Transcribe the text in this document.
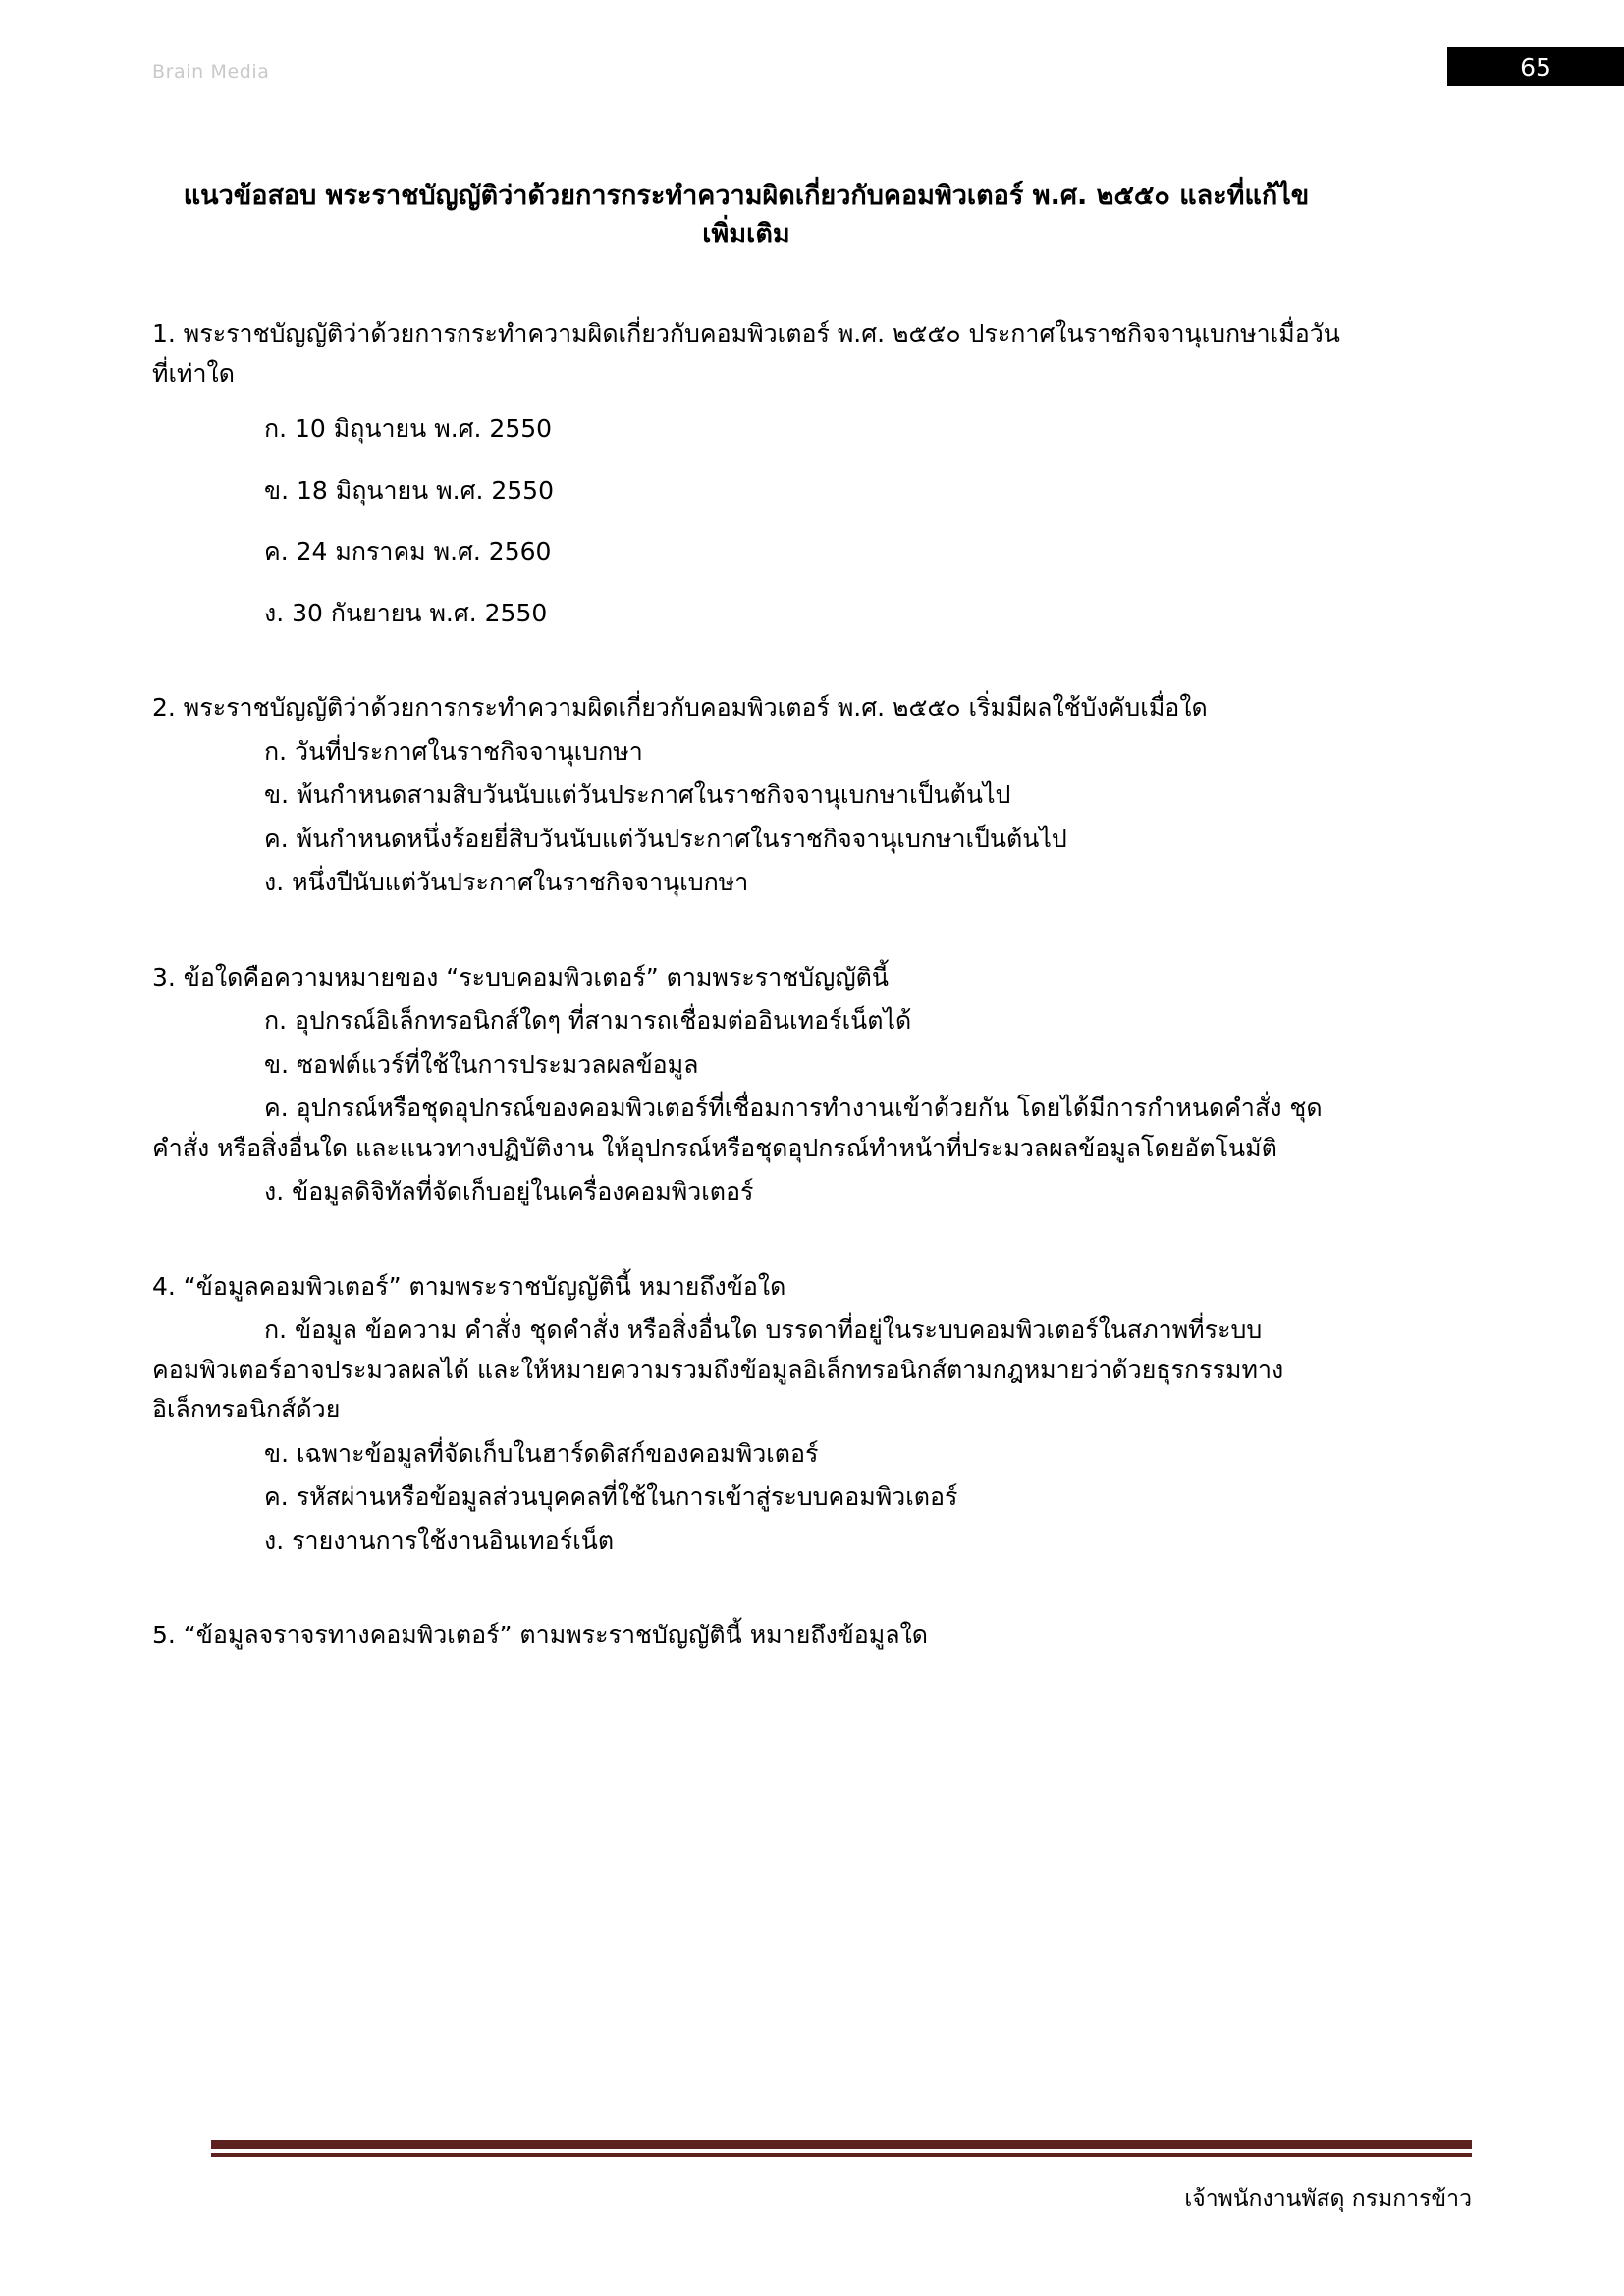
Brain Media	65
แนวข้อสอบ พระราชบัญญัติว่าด้วยการกระทำความผิดเกี่ยวกับคอมพิวเตอร์ พ.ศ. ๒๕๕๐ และที่แก้ไข
เพิ่มเติม

1. พระราชบัญญัติว่าด้วยการกระทำความผิดเกี่ยวกับคอมพิวเตอร์ พ.ศ. ๒๕๕๐ ประกาศในราชกิจจานุเบกษาเมื่อวันที่เท่าใด

ก. 10 มิถุนายน พ.ศ. 2550
ข. 18 มิถุนายน พ.ศ. 2550
ค. 24 มกราคม พ.ศ. 2560
ง. 30 กันยายน พ.ศ. 2550

2. พระราชบัญญัติว่าด้วยการกระทำความผิดเกี่ยวกับคอมพิวเตอร์ พ.ศ. ๒๕๕๐ เริ่มมีผลใช้บังคับเมื่อใด

ก. วันที่ประกาศในราชกิจจานุเบกษา
ข. พ้นกำหนดสามสิบวันนับแต่วันประกาศในราชกิจจานุเบกษาเป็นต้นไป
ค. พ้นกำหนดหนึ่งร้อยยี่สิบวันนับแต่วันประกาศในราชกิจจานุเบกษาเป็นต้นไป
ง. หนึ่งปีนับแต่วันประกาศในราชกิจจานุเบกษา

3. ข้อใดคือความหมายของ “ระบบคอมพิวเตอร์” ตามพระราชบัญญัตินี้

ก. อุปกรณ์อิเล็กทรอนิกส์ใดๆ ที่สามารถเชื่อมต่ออินเทอร์เน็ตได้
ข. ซอฟต์แวร์ที่ใช้ในการประมวลผลข้อมูล
ค. อุปกรณ์หรือชุดอุปกรณ์ของคอมพิวเตอร์ที่เชื่อมการทำงานเข้าด้วยกัน โดยได้มีการกำหนดคำสั่ง ชุดคำสั่ง หรือสิ่งอื่นใด และแนวทางปฏิบัติงาน ให้อุปกรณ์หรือชุดอุปกรณ์ทำหน้าที่ประมวลผลข้อมูลโดยอัตโนมัติ
ง. ข้อมูลดิจิทัลที่จัดเก็บอยู่ในเครื่องคอมพิวเตอร์

4. “ข้อมูลคอมพิวเตอร์” ตามพระราชบัญญัตินี้ หมายถึงข้อใด

ก. ข้อมูล ข้อความ คำสั่ง ชุดคำสั่ง หรือสิ่งอื่นใด บรรดาที่อยู่ในระบบคอมพิวเตอร์ในสภาพที่ระบบคอมพิวเตอร์อาจประมวลผลได้ และให้หมายความรวมถึงข้อมูลอิเล็กทรอนิกส์ตามกฎหมายว่าด้วยธุรกรรมทางอิเล็กทรอนิกส์ด้วย
ข. เฉพาะข้อมูลที่จัดเก็บในฮาร์ดดิสก์ของคอมพิวเตอร์
ค. รหัสผ่านหรือข้อมูลส่วนบุคคลที่ใช้ในการเข้าสู่ระบบคอมพิวเตอร์
ง. รายงานการใช้งานอินเทอร์เน็ต

5. “ข้อมูลจราจรทางคอมพิวเตอร์” ตามพระราชบัญญัตินี้ หมายถึงข้อมูลใด

เจ้าพนักงานพัสดุ กรมการข้าว
